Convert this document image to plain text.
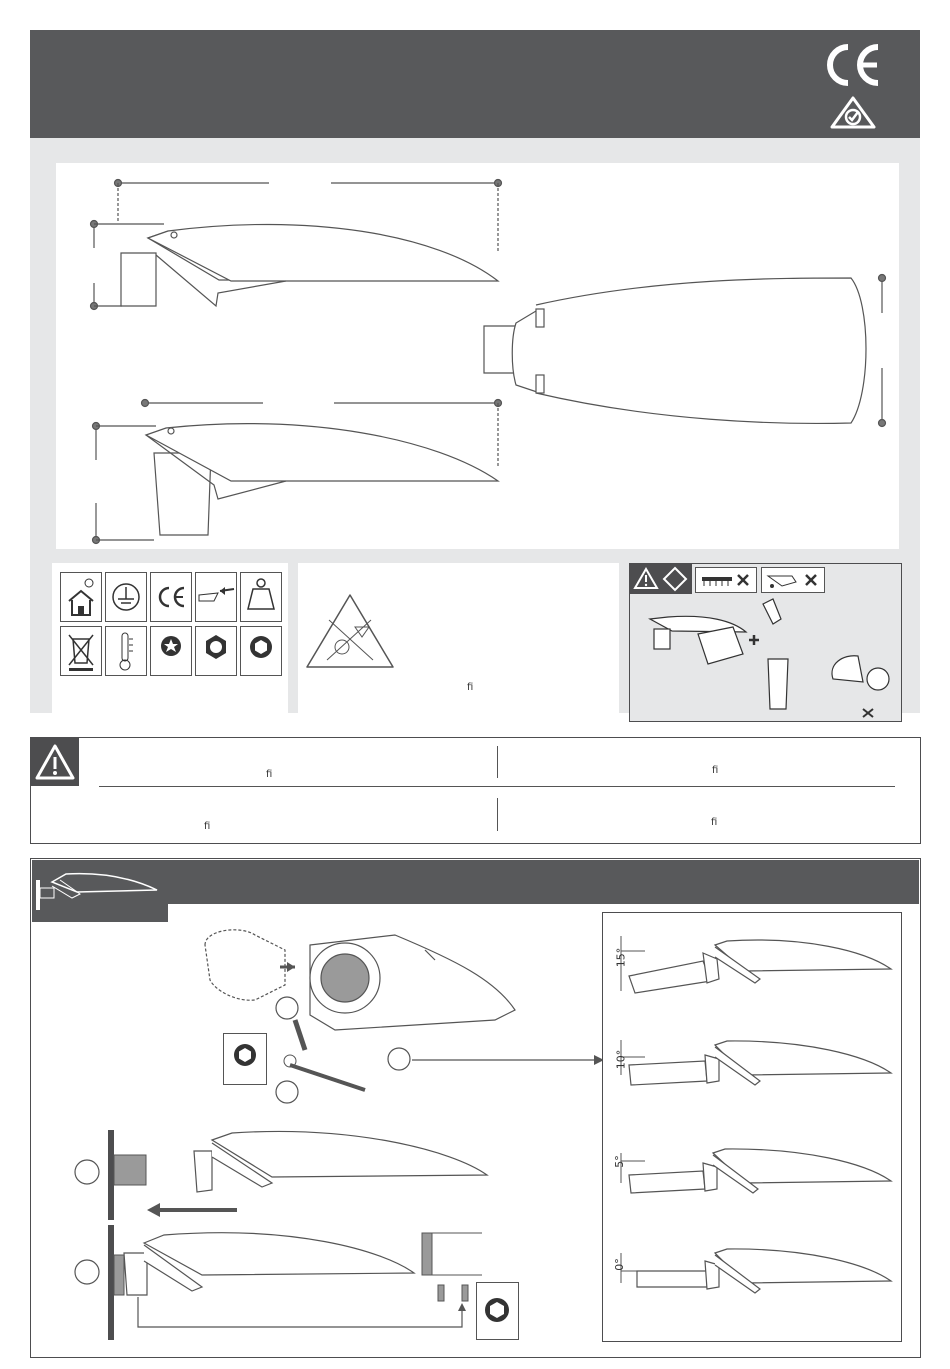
ﬁ
ﬁ	ﬁ
ﬁ	ﬁ
15°
10°
5°
0°
